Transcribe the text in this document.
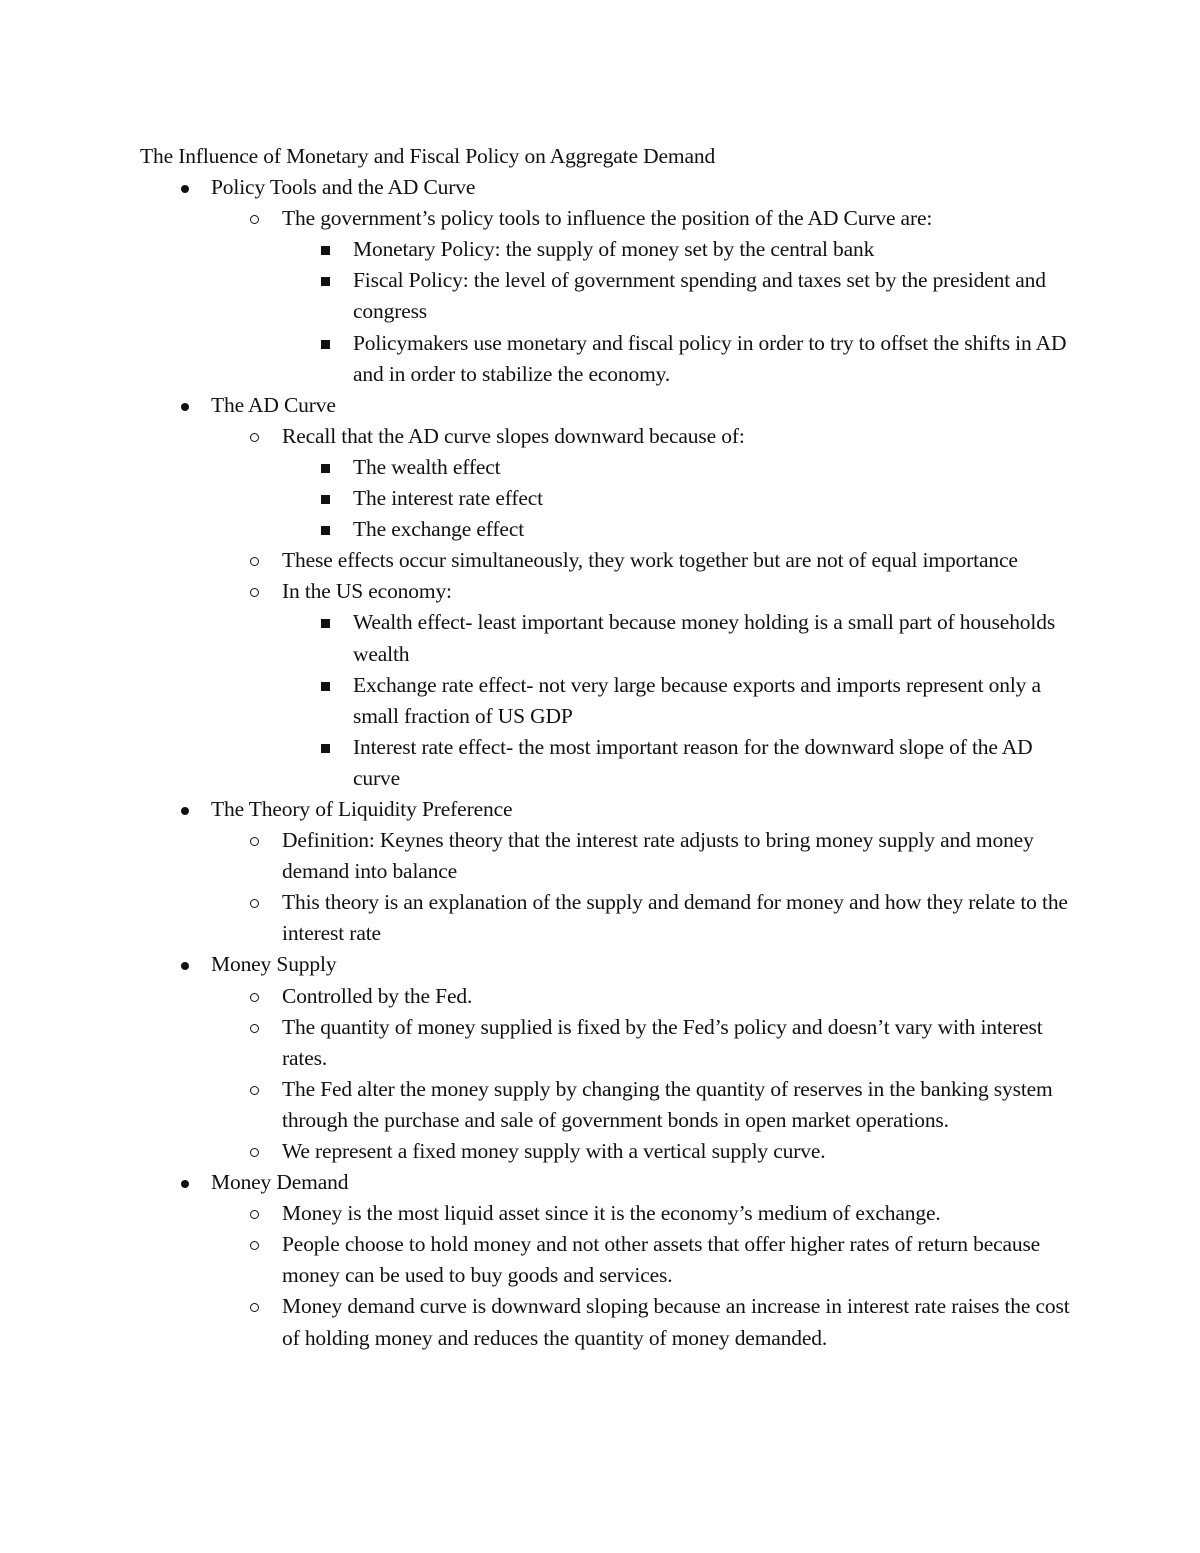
The Influence of Monetary and Fiscal Policy on Aggregate Demand
Policy Tools and the AD Curve
The government’s policy tools to influence the position of the AD Curve are:
Monetary Policy: the supply of money set by the central bank
Fiscal Policy: the level of government spending and taxes set by the president and congress
Policymakers use monetary and fiscal policy in order to try to offset the shifts in AD and in order to stabilize the economy.
The AD Curve
Recall that the AD curve slopes downward because of:
The wealth effect
The interest rate effect
The exchange effect
These effects occur simultaneously, they work together but are not of equal importance
In the US economy:
Wealth effect- least important because money holding is a small part of households wealth
Exchange rate effect- not very large because exports and imports represent only a small fraction of US GDP
Interest rate effect- the most important reason for the downward slope of the AD curve
The Theory of Liquidity Preference
Definition: Keynes theory that the interest rate adjusts to bring money supply and money demand into balance
This theory is an explanation of the supply and demand for money and how they relate to the interest rate
Money Supply
Controlled by the Fed.
The quantity of money supplied is fixed by the Fed’s policy and doesn’t vary with interest rates.
The Fed alter the money supply by changing the quantity of reserves in the banking system through the purchase and sale of government bonds in open market operations.
We represent a fixed money supply with a vertical supply curve.
Money Demand
Money is the most liquid asset since it is the economy’s medium of exchange.
People choose to hold money and not other assets that offer higher rates of return because money can be used to buy goods and services.
Money demand curve is downward sloping because an increase in interest rate raises the cost of holding money and reduces the quantity of money demanded.
